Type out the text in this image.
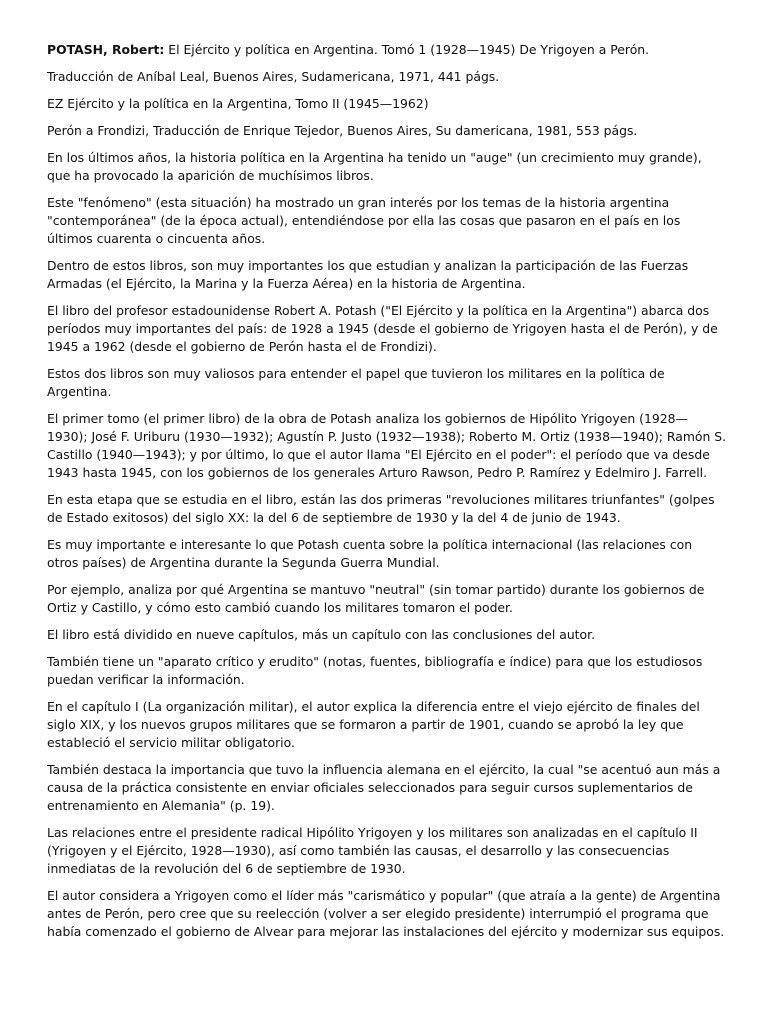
POTASH, Robert: El Ejército y política en Argentina. Tomó 1 (1928—1945) De Yrigoyen a Perón.

Traducción de Aníbal Leal, Buenos Aires, Sudamericana, 1971, 441 págs.

EZ Ejército y la política en la Argentina, Tomo II (1945—1962)

Perón a Frondizi, Traducción de Enrique Tejedor, Buenos Aires, Su damericana, 1981, 553 págs.

En los últimos años, la historia política en la Argentina ha tenido un "auge" (un crecimiento muy grande), que ha provocado la aparición de muchísimos libros.

Este "fenómeno" (esta situación) ha mostrado un gran interés por los temas de la historia argentina "contemporánea" (de la época actual), entendiéndose por ella las cosas que pasaron en el país en los últimos cuarenta o cincuenta años.

Dentro de estos libros, son muy importantes los que estudian y analizan la participación de las Fuerzas Armadas (el Ejército, la Marina y la Fuerza Aérea) en la historia de Argentina.

El libro del profesor estadounidense Robert A. Potash ("El Ejército y la política en la Argentina") abarca dos períodos muy importantes del país: de 1928 a 1945 (desde el gobierno de Yrigoyen hasta el de Perón), y de 1945 a 1962 (desde el gobierno de Perón hasta el de Frondizi).

Estos dos libros son muy valiosos para entender el papel que tuvieron los militares en la política de Argentina.

El primer tomo (el primer libro) de la obra de Potash analiza los gobiernos de Hipólito Yrigoyen (1928—1930); José F. Uriburu (1930—1932); Agustín P. Justo (1932—1938); Roberto M. Ortiz (1938—1940); Ramón S. Castillo (1940—1943); y por último, lo que el autor llama "El Ejército en el poder": el período que va desde 1943 hasta 1945, con los gobiernos de los generales Arturo Rawson, Pedro P. Ramírez y Edelmiro J. Farrell.

En esta etapa que se estudia en el libro, están las dos primeras "revoluciones militares triunfantes" (golpes de Estado exitosos) del siglo XX: la del 6 de septiembre de 1930 y la del 4 de junio de 1943.

Es muy importante e interesante lo que Potash cuenta sobre la política internacional (las relaciones con otros países) de Argentina durante la Segunda Guerra Mundial.

Por ejemplo, analiza por qué Argentina se mantuvo "neutral" (sin tomar partido) durante los gobiernos de Ortiz y Castillo, y cómo esto cambió cuando los militares tomaron el poder.

El libro está dividido en nueve capítulos, más un capítulo con las conclusiones del autor.

También tiene un "aparato crítico y erudito" (notas, fuentes, bibliografía e índice) para que los estudiosos puedan verificar la información.

En el capítulo I (La organización militar), el autor explica la diferencia entre el viejo ejército de finales del siglo XIX, y los nuevos grupos militares que se formaron a partir de 1901, cuando se aprobó la ley que estableció el servicio militar obligatorio.

También destaca la importancia que tuvo la influencia alemana en el ejército, la cual "se acentuó aun más a causa de la práctica consistente en enviar oficiales seleccionados para seguir cursos suplementarios de entrenamiento en Alemania" (p. 19).

Las relaciones entre el presidente radical Hipólito Yrigoyen y los militares son analizadas en el capítulo II (Yrigoyen y el Ejército, 1928—1930), así como también las causas, el desarrollo y las consecuencias inmediatas de la revolución del 6 de septiembre de 1930.

El autor considera a Yrigoyen como el líder más "carismático y popular" (que atraía a la gente) de Argentina antes de Perón, pero cree que su reelección (volver a ser elegido presidente) interrumpió el programa que había comenzado el gobierno de Alvear para mejorar las instalaciones del ejército y modernizar sus equipos.
